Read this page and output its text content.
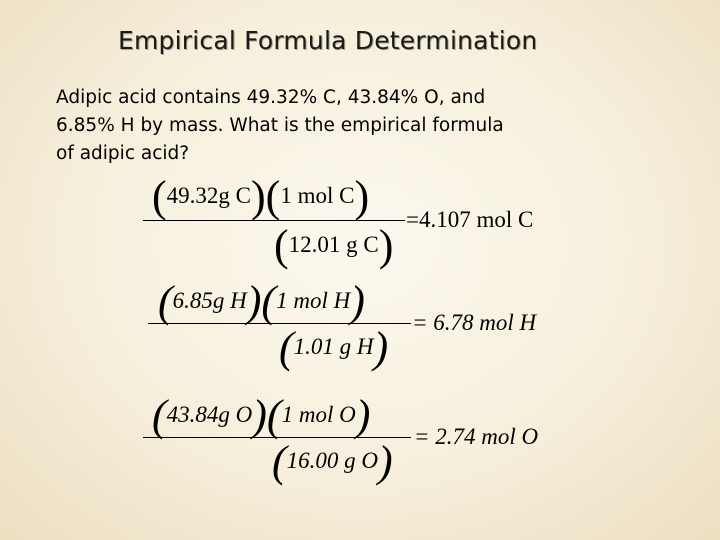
Empirical Formula Determination
Adipic acid contains 49.32% C, 43.84% O, and
6.85% H by mass. What is the empirical formula
of adipic acid?
(49.32g C)(1 mol C)
(12.01 g C)
=4.107 mol C
(6.85g H)(1 mol H)
(1.01 g H)
= 6.78 mol H
(43.84g O)(1 mol O)
(16.00 g O)
= 2.74 mol O
